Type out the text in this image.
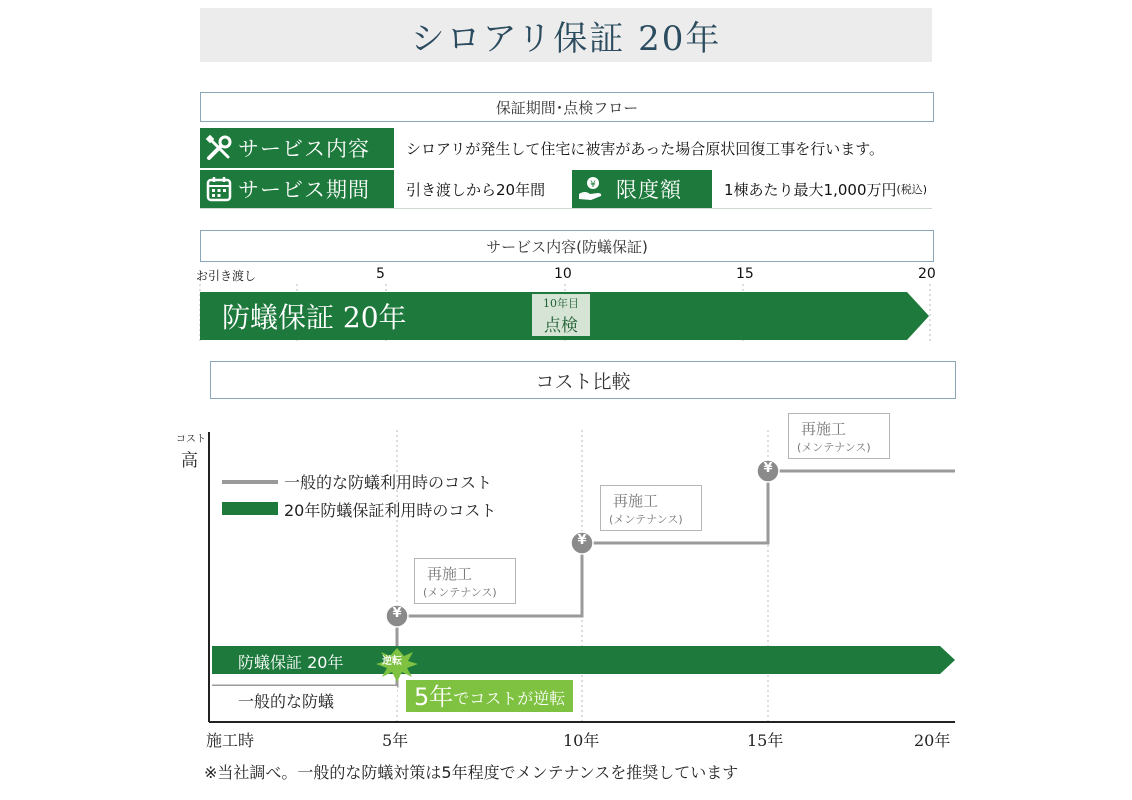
シロアリ保証 20年
保証期間･点検フロー
サービス内容 シロアリが発生して住宅に被害があった場合原状回復工事を行います。
サービス期間 引き渡しから20年間	¥ 限度額	1棟あたり最大1,000万円 (税込)
サービス内容(防蟻保証)
お引き渡し	5	10	15	20
防蟻保証 20年	10年目
点検
コスト比較
コスト
高
¥
¥
¥
一般的な防蟻利用時のコスト
20年防蟻保証利用時のコスト
再施工
(メンテナンス)
再施工
(メンテナンス)
再施工
(メンテナンス)
防蟻保証 20年
一般的な防蟻
逆転
5年 でコストが逆転
施工時	5年	10年	15年	20年
※当社調べ。一般的な防蟻対策は5年程度でメンテナンスを推奨しています
